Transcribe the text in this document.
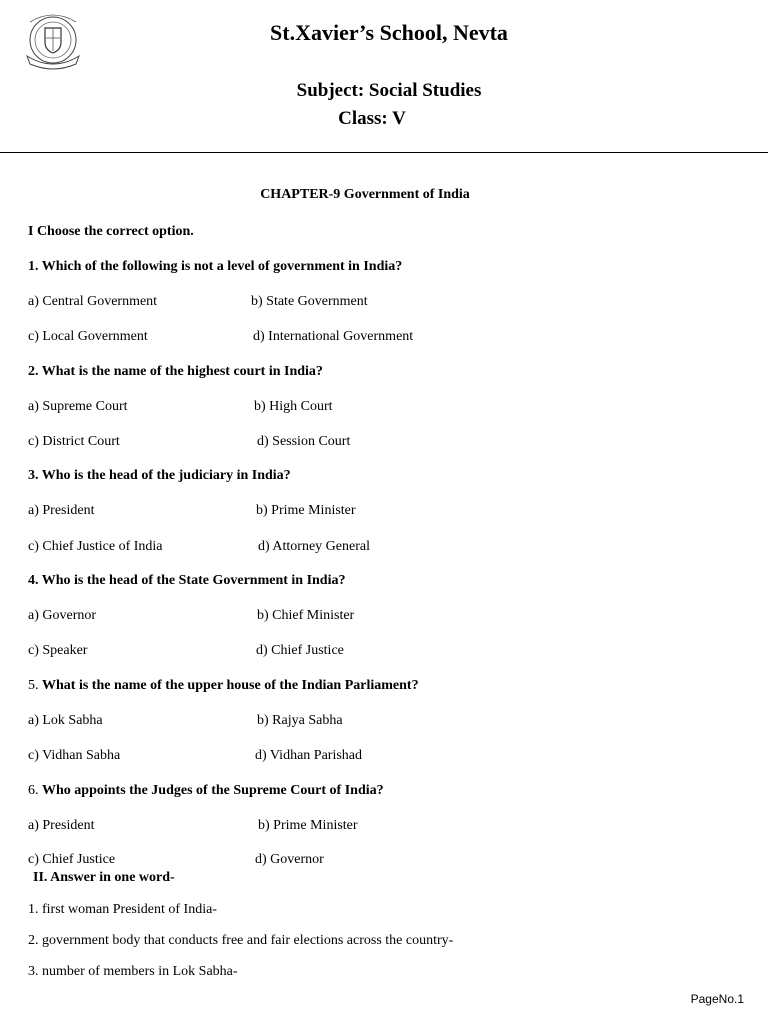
St.Xavier’s School, Nevta
Subject: Social Studies
Class: V
CHAPTER-9 Government of India
I Choose the correct option.
1. Which of the following is not a level of government in India?
a) Central Government	b) State Government
c) Local Government	d) International Government
2. What is the name of the highest court in India?
a) Supreme Court	b) High Court
c) District Court	d) Session Court
3. Who is the head of the judiciary in India?
a) President	b) Prime Minister
c) Chief Justice of India	d) Attorney General
4. Who is the head of the State Government in India?
a) Governor	b) Chief Minister
c) Speaker	d) Chief Justice
5. What is the name of the upper house of the Indian Parliament?
a) Lok Sabha	b) Rajya Sabha
c) Vidhan Sabha	d) Vidhan Parishad
6. Who appoints the Judges of the Supreme Court of India?
a) President	b) Prime Minister
c) Chief Justice	d) Governor
II. Answer in one word-
1. first woman President of India-
2. government body that conducts free and fair elections across the country-
3. number of members in Lok Sabha-
PageNo.1
